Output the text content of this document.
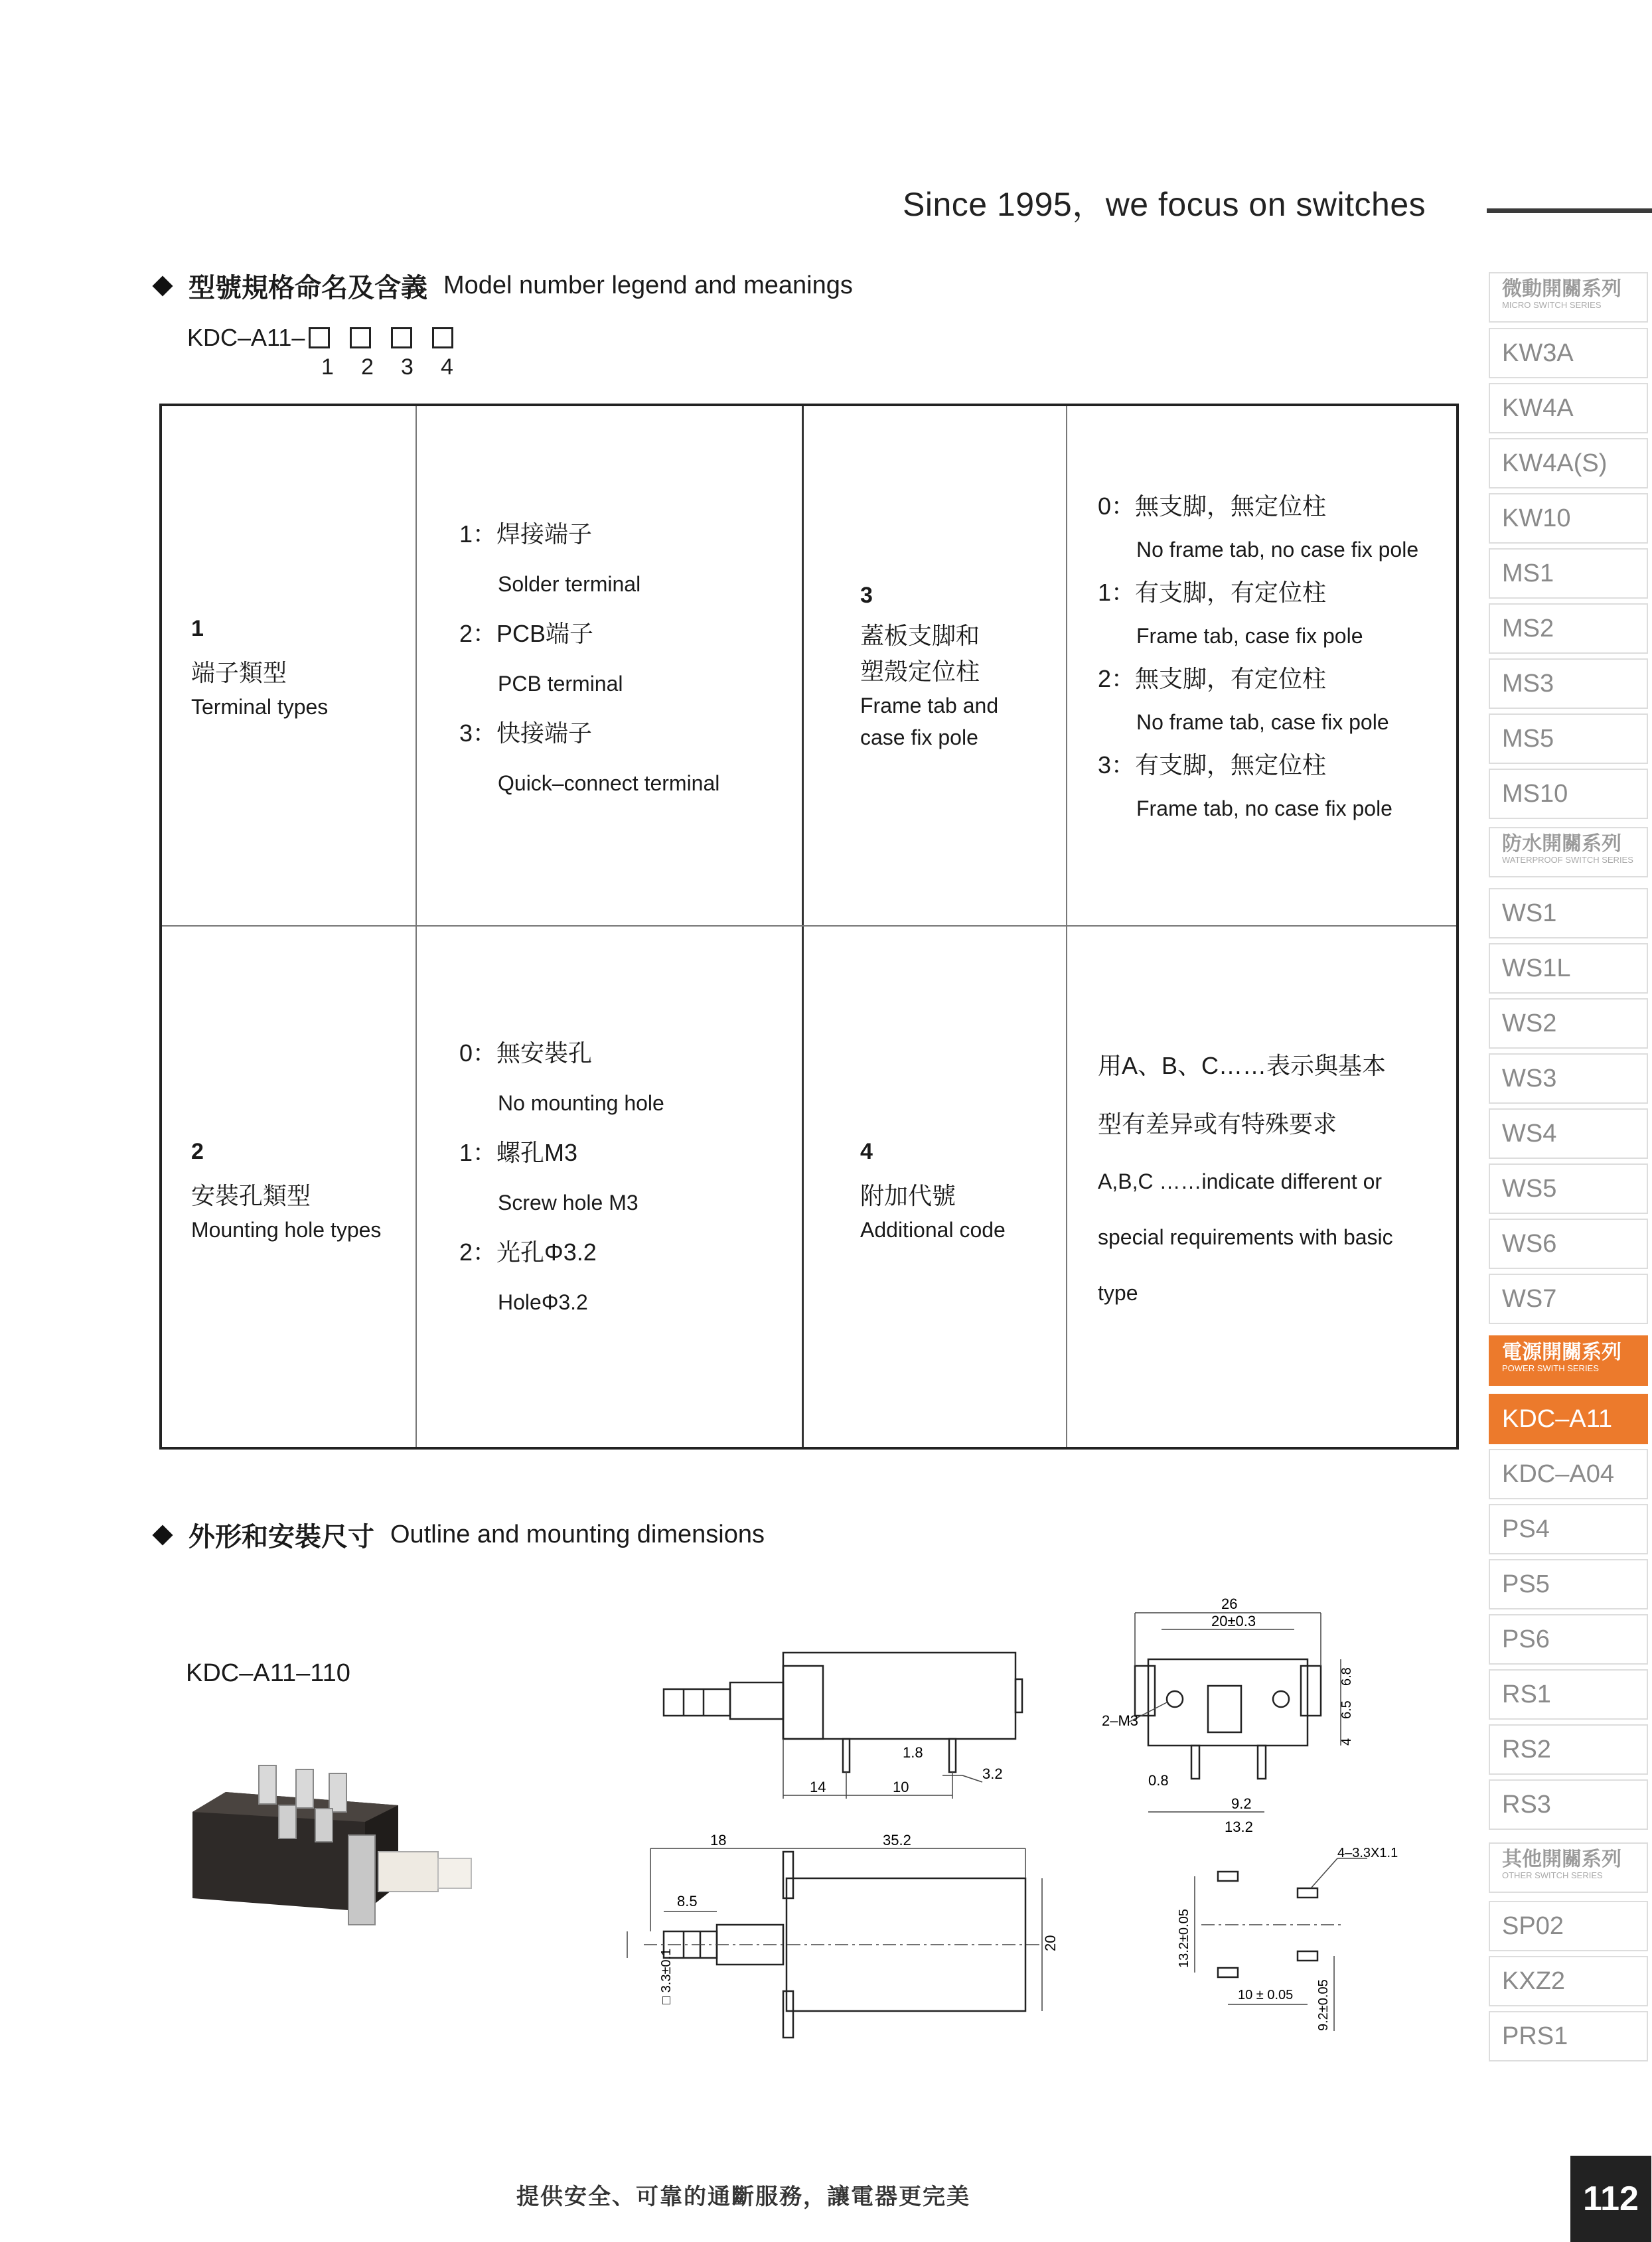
Since 1995，we focus on switches
型號規格命名及含義 Model number legend and meanings
KDC–A11–
1 2 3 4
1
端子類型
Terminal types
1：焊接端子
Solder terminal
2：PCB端子
PCB terminal
3：快接端子
Quick–connect terminal
3
蓋板支脚和
塑殼定位柱
Frame tab and
case fix pole
0：無支脚，無定位柱
No frame tab, no case fix pole
1：有支脚，有定位柱
Frame tab, case fix pole
2：無支脚，有定位柱
No frame tab, case fix pole
3：有支脚，無定位柱
Frame tab, no case fix pole
2
安裝孔類型
Mounting hole types
0：無安裝孔
No mounting hole
1：螺孔M3
Screw hole M3
2：光孔Φ3.2
HoleΦ3.2
4
附加代號
Additional code
用A、B、C……表示與基本
型有差异或有特殊要求
A,B,C ……indicate different or
special requirements with basic
type
外形和安裝尺寸 Outline and mounting dimensions
KDC–A11–110
1.8
3.2
14	10
18	35.2
8.5
□ 3.3±0.1
20
26
20±0.3
2–M3
6.8
6.5
4
0.8
9.2
13.2
4–3.3X1.1
13.2±0.05
10 ± 0.05 9.2±0.05
微動開關系列
MICRO SWITCH SERIES
KW3A
KW4A
KW4A(S)
KW10
MS1
MS2
MS3
MS5
MS10
防水開關系列
WATERPROOF SWITCH SERIES
WS1
WS1L
WS2
WS3
WS4
WS5
WS6
WS7
電源開關系列
POWER SWITH SERIES
KDC–A11
KDC–A04
PS4
PS5
PS6
RS1
RS2
RS3
其他開關系列
OTHER SWITCH SERIES
SP02
KXZ2
PRS1
提供安全、可靠的通斷服務，讓電器更完美	112
